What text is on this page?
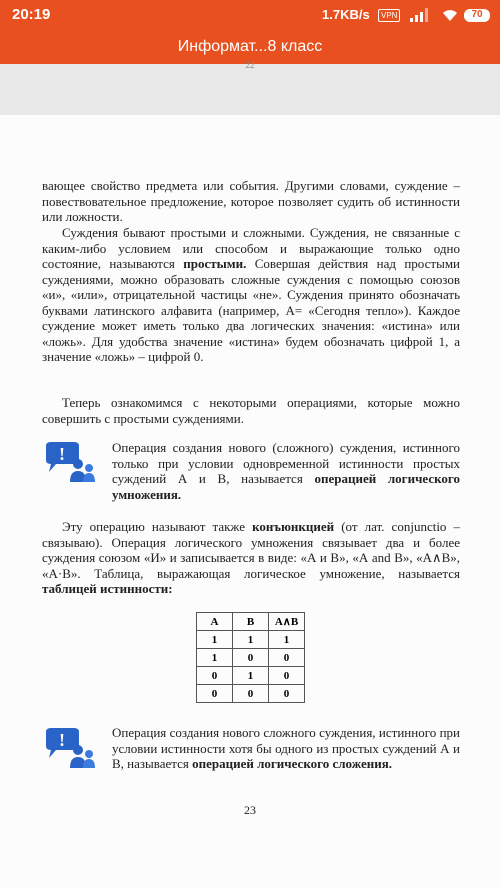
20:19	1.7KB/s	VPN	70
Информат...8 класс
22
вающее свойство предмета или события. Другими словами, суждение – повествовательное предложение, которое позволяет судить об истинности или ложности.
Суждения бывают простыми и сложными. Суждения, не связанные с каким-либо условием или способом и выражающие только одно состояние, называются простыми. Совершая действия над простыми суждениями, можно образовать сложные суждения с помощью союзов «и», «или», отрицательной частицы «не». Суждения принято обозначать буквами латинского алфавита (например, А= «Сегодня тепло»). Каждое суждение может иметь только два логических значения: «истина» или «ложь». Для удобства значение «истина» будем обозначать цифрой 1, а значение «ложь» – цифрой 0.
Теперь ознакомимся с некоторыми операциями, которые можно совершить с простыми суждениями.
!	Операция создания нового (сложного) суждения, истинного только при условии одновременной истинности простых суждений А и В, называется операцией логического умножения.
Эту операцию называют также конъюнкцией (от лат. conjunctio – связываю). Операция логического умножения связывает два и более суждения союзом «И» и записывается в виде: «А и В», «А and В», «А∧В», «А·В». Таблица, выражающая логическое умножение, называется таблицей истинности:
A	B	A∧B
1	1	1
1	0	0
0	1	0
0	0	0
!	Операция создания нового сложного суждения, истинного при условии истинности хотя бы одного из простых суждений А и В, называется операцией логического сложения.
23
